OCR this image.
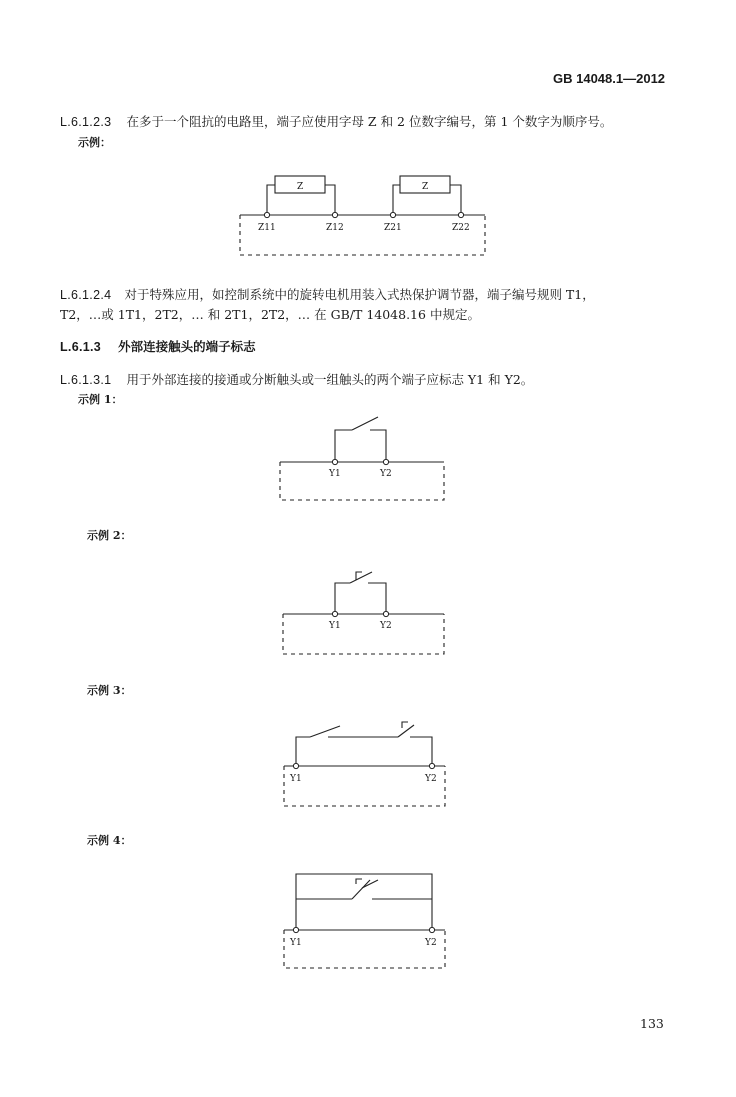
GB 14048.1—2012
L.6.1.2.3 在多于一个阻抗的电路里，端子应使用字母 Z 和 2 位数字编号，第 1 个数字为顺序号。
示例：
Z	Z
Z11	Z12	Z21	Z22
Y1	Y2
Y1	Y2
Y1	Y2
Y1	Y2
L.6.1.2.4 对于特殊应用，如控制系统中的旋转电机用装入式热保护调节器，端子编号规则 T1，
T2，…或 1T1，2T2，… 和 2T1，2T2，… 在 GB/T 14048.16 中规定。
L.6.1.3 外部连接触头的端子标志
L.6.1.3.1 用于外部连接的接通或分断触头或一组触头的两个端子应标志 Y1 和 Y2。
示例 1：
示例 2：
示例 3：
示例 4：
133
